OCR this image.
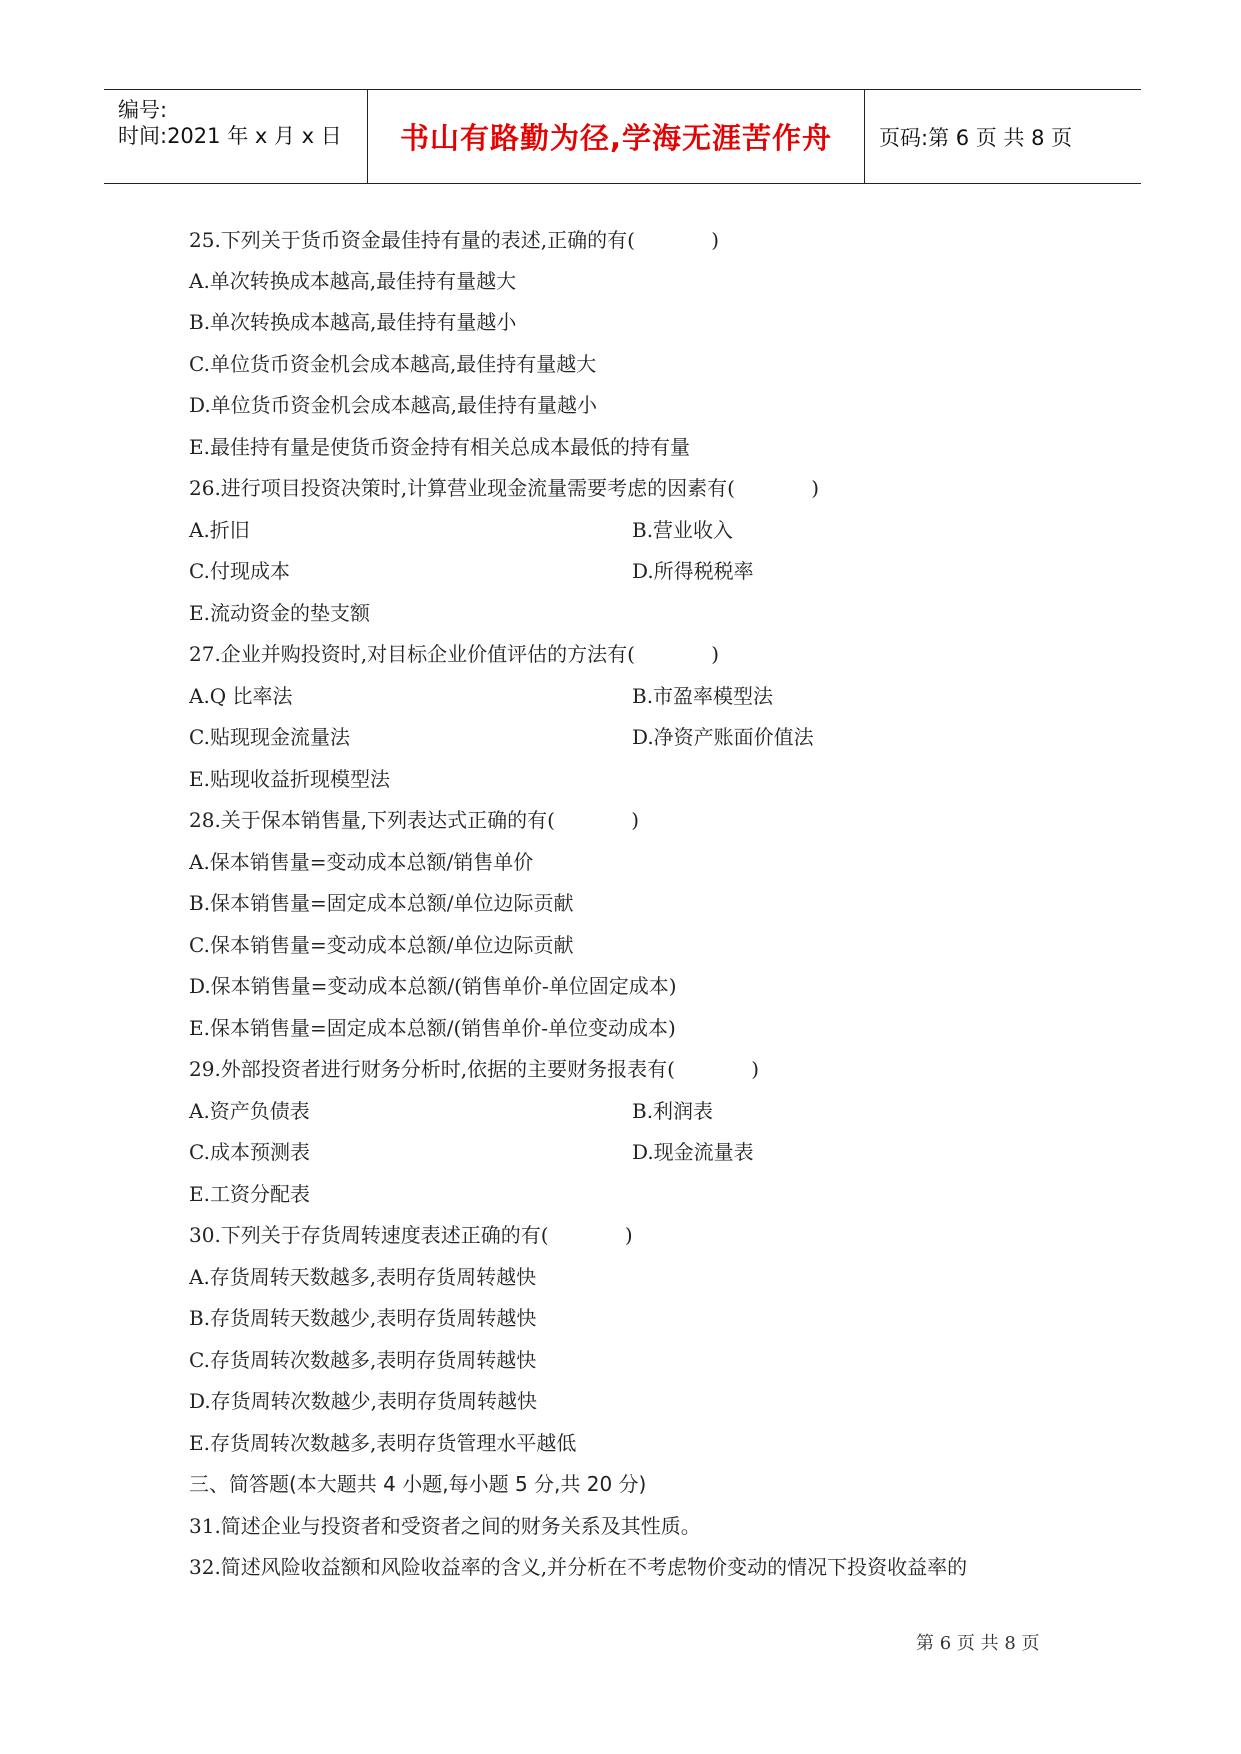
编号:
时间:2021 年 x 月 x 日 书山有路勤为径,学海无涯苦作舟 页码:第 6 页 共 8 页
25.下列关于货币资金最佳持有量的表述,正确的有(            )
A.单次转换成本越高,最佳持有量越大
B.单次转换成本越高,最佳持有量越小
C.单位货币资金机会成本越高,最佳持有量越大
D.单位货币资金机会成本越高,最佳持有量越小
E.最佳持有量是使货币资金持有相关总成本最低的持有量
26.进行项目投资决策时,计算营业现金流量需要考虑的因素有(            )
A.折旧	B.营业收入
C.付现成本	D.所得税税率
E.流动资金的垫支额
27.企业并购投资时,对目标企业价值评估的方法有(            )
A.Q 比率法	B.市盈率模型法
C.贴现现金流量法	D.净资产账面价值法
E.贴现收益折现模型法
28.关于保本销售量,下列表达式正确的有(            )
A.保本销售量=变动成本总额/销售单价
B.保本销售量=固定成本总额/单位边际贡献
C.保本销售量=变动成本总额/单位边际贡献
D.保本销售量=变动成本总额/(销售单价-单位固定成本)
E.保本销售量=固定成本总额/(销售单价-单位变动成本)
29.外部投资者进行财务分析时,依据的主要财务报表有(            )
A.资产负债表	B.利润表
C.成本预测表	D.现金流量表
E.工资分配表
30.下列关于存货周转速度表述正确的有(            )
A.存货周转天数越多,表明存货周转越快
B.存货周转天数越少,表明存货周转越快
C.存货周转次数越多,表明存货周转越快
D.存货周转次数越少,表明存货周转越快
E.存货周转次数越多,表明存货管理水平越低
三、简答题(本大题共 4 小题,每小题 5 分,共 20 分)
31.简述企业与投资者和受资者之间的财务关系及其性质。
32.简述风险收益额和风险收益率的含义,并分析在不考虑物价变动的情况下投资收益率的
第 6 页 共 8 页
